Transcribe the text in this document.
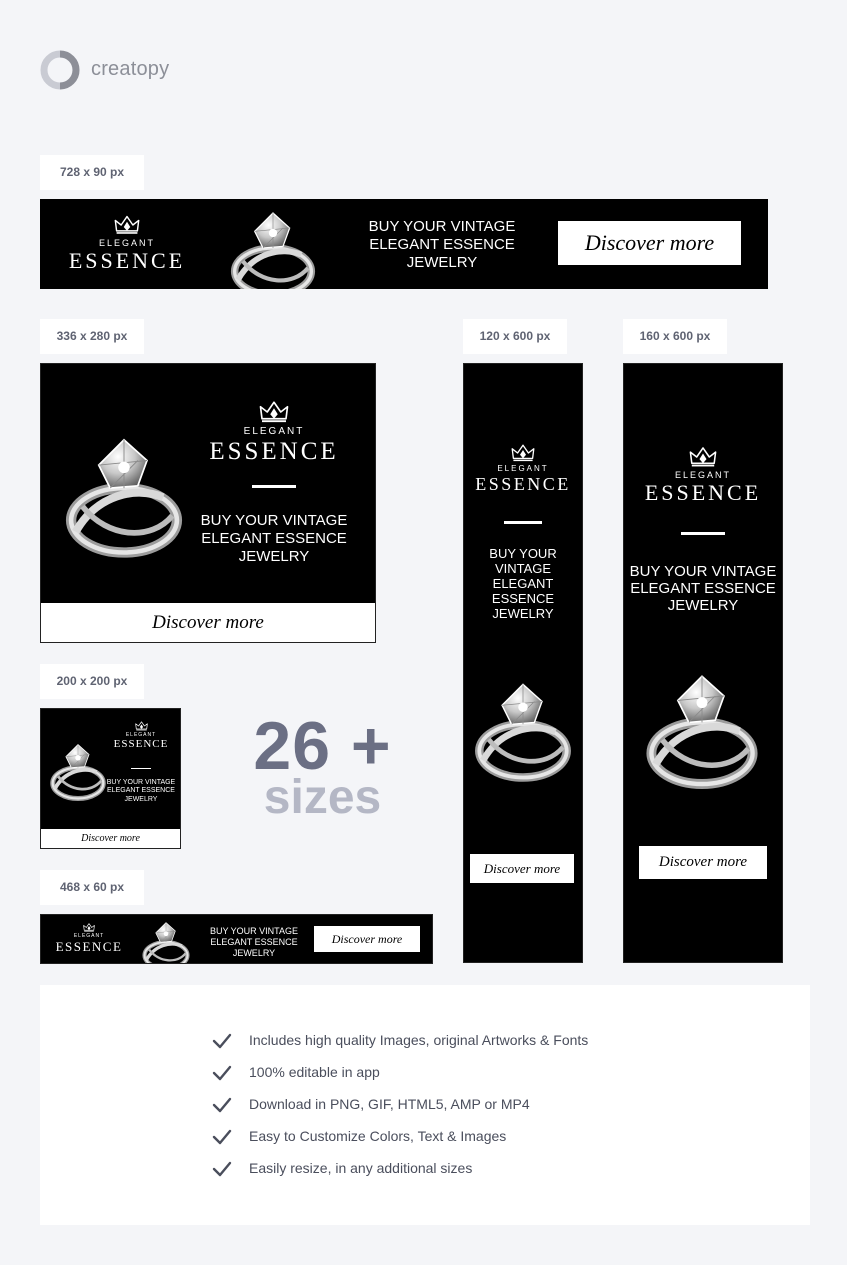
creatopy
728 x 90 px
ELEGANT
ESSENCE
BUY YOUR VINTAGE
ELEGANT ESSENCE
JEWELRY
Discover more
336 x 280 px
ELEGANT
ESSENCE
BUY YOUR VINTAGE
ELEGANT ESSENCE
JEWELRY
Discover more
200 x 200 px
ELEGANT
ESSENCE
BUY YOUR VINTAGE
ELEGANT ESSENCE
JEWELRY
Discover more
26 +
sizes
468 x 60 px
ELEGANT
ESSENCE
BUY YOUR VINTAGE
ELEGANT ESSENCE
JEWELRY
Discover more
120 x 600 px
ELEGANT
ESSENCE
BUY YOUR
VINTAGE
ELEGANT
ESSENCE
JEWELRY
Discover more
160 x 600 px
ELEGANT
ESSENCE
BUY YOUR VINTAGE
ELEGANT ESSENCE
JEWELRY
Discover more
Includes high quality Images, original Artworks & Fonts
100% editable in app
Download in PNG, GIF, HTML5, AMP or MP4
Easy to Customize Colors, Text & Images
Easily resize, in any additional sizes
